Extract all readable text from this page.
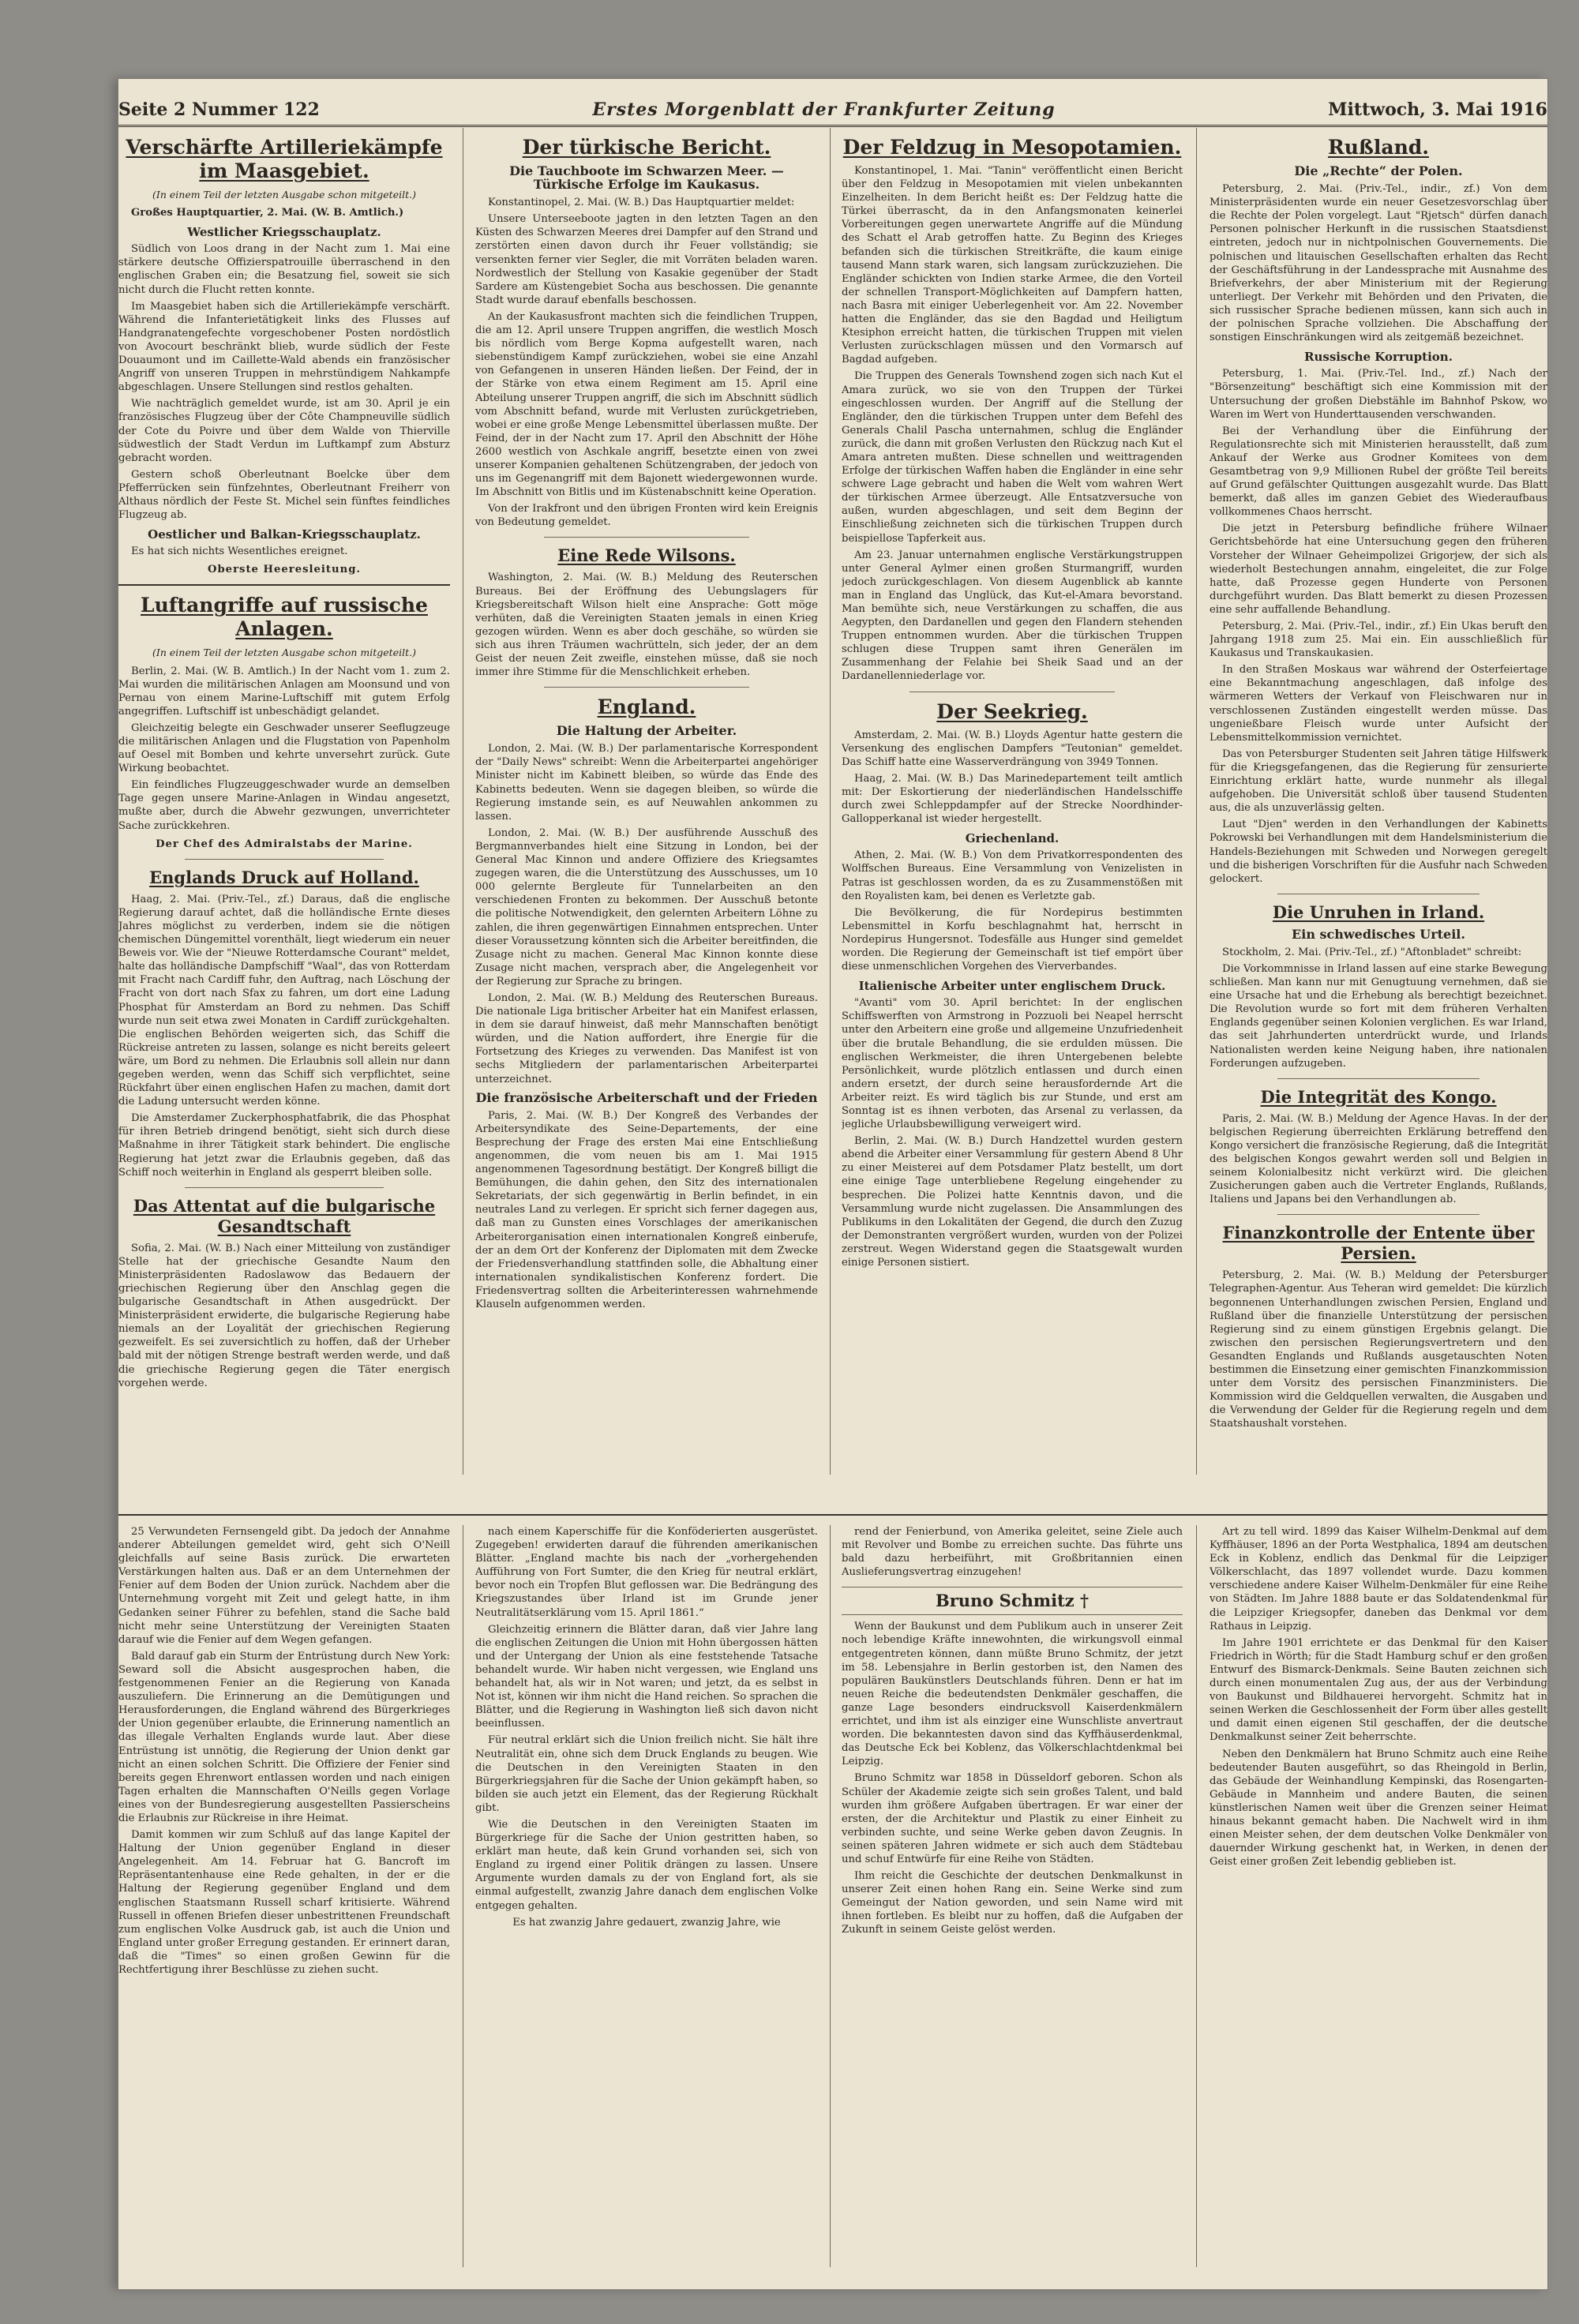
Seite 2 Nummer 122	Erstes Morgenblatt der Frankfurter Zeitung	Mittwoch, 3. Mai 1916
Verschärfte Artilleriekämpfe im Maasgebiet.
(In einem Teil der letzten Ausgabe schon mitgeteilt.)

Großes Hauptquartier, 2. Mai. (W. B. Amtlich.)

Westlicher Kriegsschauplatz.

Südlich von Loos drang in der Nacht zum 1. Mai eine stärkere deutsche Offizierspatrouille überraschend in den englischen Graben ein; die Besatzung fiel, soweit sie sich nicht durch die Flucht retten konnte.

Im Maasgebiet haben sich die Artilleriekämpfe verschärft. Während die Infanterietätigkeit links des Flusses auf Handgranatengefechte vorgeschobener Posten nordöstlich von Avocourt beschränkt blieb, wurde südlich der Feste Douaumont und im Caillette-Wald abends ein französischer Angriff von unseren Truppen in mehrstündigem Nahkampfe abgeschlagen. Unsere Stellungen sind restlos gehalten.

Wie nachträglich gemeldet wurde, ist am 30. April je ein französisches Flugzeug über der Côte Champneuville südlich der Cote du Poivre und über dem Walde von Thierville südwestlich der Stadt Verdun im Luftkampf zum Absturz gebracht worden.

Gestern schoß Oberleutnant Boelcke über dem Pfefferrücken sein fünfzehntes, Oberleutnant Freiherr von Althaus nördlich der Feste St. Michel sein fünftes feindliches Flugzeug ab.

Oestlicher und Balkan-Kriegsschauplatz.

Es hat sich nichts Wesentliches ereignet.

Oberste Heeresleitung.
Luftangriffe auf russische Anlagen.
(In einem Teil der letzten Ausgabe schon mitgeteilt.)

Berlin, 2. Mai. (W. B. Amtlich.) In der Nacht vom 1. zum 2. Mai wurden die militärischen Anlagen am Moonsund und von Pernau von einem Marine-Luftschiff mit gutem Erfolg angegriffen. Luftschiff ist unbeschädigt gelandet.

Gleichzeitig belegte ein Geschwader unserer Seeflugzeuge die militärischen Anlagen und die Flugstation von Papenholm auf Oesel mit Bomben und kehrte unversehrt zurück. Gute Wirkung beobachtet.

Ein feindliches Flugzeuggeschwader wurde an demselben Tage gegen unsere Marine-Anlagen in Windau angesetzt, mußte aber, durch die Abwehr gezwungen, unverrichteter Sache zurückkehren.

Der Chef des Admiralstabs der Marine.
Englands Druck auf Holland.

Haag, 2. Mai. (Priv.-Tel., zf.) Daraus, daß die englische Regierung darauf achtet, daß die holländische Ernte dieses Jahres möglichst zu verderben, indem sie die nötigen chemischen Düngemittel vorenthält, liegt wiederum ein neuer Beweis vor. Wie der "Nieuwe Rotterdamsche Courant" meldet, halte das holländische Dampfschiff "Waal", das von Rotterdam mit Fracht nach Cardiff fuhr, den Auftrag, nach Löschung der Fracht von dort nach Sfax zu fahren, um dort eine Ladung Phosphat für Amsterdam an Bord zu nehmen. Das Schiff wurde nun seit etwa zwei Monaten in Cardiff zurückgehalten. Die englischen Behörden weigerten sich, das Schiff die Rückreise antreten zu lassen, solange es nicht bereits geleert wäre, um Bord zu nehmen. Die Erlaubnis soll allein nur dann gegeben werden, wenn das Schiff sich verpflichtet, seine Rückfahrt über einen englischen Hafen zu machen, damit dort die Ladung untersucht werden könne.

Die Amsterdamer Zuckerphosphatfabrik, die das Phosphat für ihren Betrieb dringend benötigt, sieht sich durch diese Maßnahme in ihrer Tätigkeit stark behindert. Die englische Regierung hat jetzt zwar die Erlaubnis gegeben, daß das Schiff noch weiterhin in England als gesperrt bleiben solle.

Das Attentat auf die bulgarische Gesandtschaft

Sofia, 2. Mai. (W. B.) Nach einer Mitteilung von zuständiger Stelle hat der griechische Gesandte Naum den Ministerpräsidenten Radoslawow das Bedauern der griechischen Regierung über den Anschlag gegen die bulgarische Gesandtschaft in Athen ausgedrückt. Der Ministerpräsident erwiderte, die bulgarische Regierung habe niemals an der Loyalität der griechischen Regierung gezweifelt. Es sei zuversichtlich zu hoffen, daß der Urheber bald mit der nötigen Strenge bestraft werden werde, und daß die griechische Regierung gegen die Täter energisch vorgehen werde.

Der türkische Bericht.
Die Tauchboote im Schwarzen Meer. — Türkische Erfolge im Kaukasus.

Konstantinopel, 2. Mai. (W. B.) Das Hauptquartier meldet:

Unsere Unterseeboote jagten in den letzten Tagen an den Küsten des Schwarzen Meeres drei Dampfer auf den Strand und zerstörten einen davon durch ihr Feuer vollständig; sie versenkten ferner vier Segler, die mit Vorräten beladen waren. Nordwestlich der Stellung von Kasakie gegenüber der Stadt Sardere am Küstengebiet Socha aus beschossen. Die genannte Stadt wurde darauf ebenfalls beschossen.

An der Kaukasusfront machten sich die feindlichen Truppen, die am 12. April unsere Truppen angriffen, die westlich Mosch bis nördlich vom Berge Kopma aufgestellt waren, nach siebenstündigem Kampf zurückziehen, wobei sie eine Anzahl von Gefangenen in unseren Händen ließen. Der Feind, der in der Stärke von etwa einem Regiment am 15. April eine Abteilung unserer Truppen angriff, die sich im Abschnitt südlich vom Abschnitt befand, wurde mit Verlusten zurückgetrieben, wobei er eine große Menge Lebensmittel überlassen mußte. Der Feind, der in der Nacht zum 17. April den Abschnitt der Höhe 2600 westlich von Aschkale angriff, besetzte einen von zwei unserer Kompanien gehaltenen Schützengraben, der jedoch von uns im Gegenangriff mit dem Bajonett wiedergewonnen wurde. Im Abschnitt von Bitlis und im Küstenabschnitt keine Operation.

Von der Irakfront und den übrigen Fronten wird kein Ereignis von Bedeutung gemeldet.

Eine Rede Wilsons.

Washington, 2. Mai. (W. B.) Meldung des Reuterschen Bureaus. Bei der Eröffnung des Uebungslagers für Kriegsbereitschaft Wilson hielt eine Ansprache: Gott möge verhüten, daß die Vereinigten Staaten jemals in einen Krieg gezogen würden. Wenn es aber doch geschähe, so würden sie sich aus ihren Träumen wachrütteln, sich jeder, der an dem Geist der neuen Zeit zweifle, einstehen müsse, daß sie noch immer ihre Stimme für die Menschlichkeit erheben.

England.
Die Haltung der Arbeiter.

London, 2. Mai. (W. B.) Der parlamentarische Korrespondent der "Daily News" schreibt: Wenn die Arbeiterpartei angehöriger Minister nicht im Kabinett bleiben, so würde das Ende des Kabinetts bedeuten. Wenn sie dagegen bleiben, so würde die Regierung imstande sein, es auf Neuwahlen ankommen zu lassen.

London, 2. Mai. (W. B.) Der ausführende Ausschuß des Bergmannverbandes hielt eine Sitzung in London, bei der General Mac Kinnon und andere Offiziere des Kriegsamtes zugegen waren, die die Unterstützung des Ausschusses, um 10 000 gelernte Bergleute für Tunnelarbeiten an den verschiedenen Fronten zu bekommen. Der Ausschuß betonte die politische Notwendigkeit, den gelernten Arbeitern Löhne zu zahlen, die ihren gegenwärtigen Einnahmen entsprechen. Unter dieser Voraussetzung könnten sich die Arbeiter bereitfinden, die Zusage nicht zu machen. General Mac Kinnon konnte diese Zusage nicht machen, versprach aber, die Angelegenheit vor der Regierung zur Sprache zu bringen.

London, 2. Mai. (W. B.) Meldung des Reuterschen Bureaus. Die nationale Liga britischer Arbeiter hat ein Manifest erlassen, in dem sie darauf hinweist, daß mehr Mannschaften benötigt würden, und die Nation auffordert, ihre Energie für die Fortsetzung des Krieges zu verwenden. Das Manifest ist von sechs Mitgliedern der parlamentarischen Arbeiterpartei unterzeichnet.

Die französische Arbeiterschaft und der Frieden

Paris, 2. Mai. (W. B.) Der Kongreß des Verbandes der Arbeitersyndikate des Seine-Departements, der eine Besprechung der Frage des ersten Mai eine Entschließung angenommen, die vom neuen bis am 1. Mai 1915 angenommenen Tagesordnung bestätigt. Der Kongreß billigt die Bemühungen, die dahin gehen, den Sitz des internationalen Sekretariats, der sich gegenwärtig in Berlin befindet, in ein neutrales Land zu verlegen. Er spricht sich ferner dagegen aus, daß man zu Gunsten eines Vorschlages der amerikanischen Arbeiterorganisation einen internationalen Kongreß einberufe, der an dem Ort der Konferenz der Diplomaten mit dem Zwecke der Friedensverhandlung stattfinden solle, die Abhaltung einer internationalen syndikalistischen Konferenz fordert. Die Friedensvertrag sollten die Arbeiterinteressen wahrnehmende Klauseln aufgenommen werden.

Der Feldzug in Mesopotamien.

Konstantinopel, 1. Mai. "Tanin" veröffentlicht einen Bericht über den Feldzug in Mesopotamien mit vielen unbekannten Einzelheiten. In dem Bericht heißt es: Der Feldzug hatte die Türkei überrascht, da in den Anfangsmonaten keinerlei Vorbereitungen gegen unerwartete Angriffe auf die Mündung des Schatt el Arab getroffen hatte. Zu Beginn des Krieges befanden sich die türkischen Streitkräfte, die kaum einige tausend Mann stark waren, sich langsam zurückzuziehen. Die Engländer schickten von Indien starke Armee, die den Vorteil der schnellen Transport-Möglichkeiten auf Dampfern hatten, nach Basra mit einiger Ueberlegenheit vor. Am 22. November hatten die Engländer, das sie den Bagdad und Heiligtum Ktesiphon erreicht hatten, die türkischen Truppen mit vielen Verlusten zurückschlagen müssen und den Vormarsch auf Bagdad aufgeben.

Die Truppen des Generals Townshend zogen sich nach Kut el Amara zurück, wo sie von den Truppen der Türkei eingeschlossen wurden. Der Angriff auf die Stellung der Engländer, den die türkischen Truppen unter dem Befehl des Generals Chalil Pascha unternahmen, schlug die Engländer zurück, die dann mit großen Verlusten den Rückzug nach Kut el Amara antreten mußten. Diese schnellen und weittragenden Erfolge der türkischen Waffen haben die Engländer in eine sehr schwere Lage gebracht und haben die Welt vom wahren Wert der türkischen Armee überzeugt. Alle Entsatzversuche von außen, wurden abgeschlagen, und seit dem Beginn der Einschließung zeichneten sich die türkischen Truppen durch beispiellose Tapferkeit aus.

Am 23. Januar unternahmen englische Verstärkungstruppen unter General Aylmer einen großen Sturmangriff, wurden jedoch zurückgeschlagen. Von diesem Augenblick ab kannte man in England das Unglück, das Kut-el-Amara bevorstand. Man bemühte sich, neue Verstärkungen zu schaffen, die aus Aegypten, den Dardanellen und gegen den Flandern stehenden Truppen entnommen wurden. Aber die türkischen Truppen schlugen diese Truppen samt ihren Generälen im Zusammenhang der Felahie bei Sheik Saad und an der Dardanellenniederlage vor.

Der Seekrieg.

Amsterdam, 2. Mai. (W. B.) Lloyds Agentur hatte gestern die Versenkung des englischen Dampfers "Teutonian" gemeldet. Das Schiff hatte eine Wasserverdrängung von 3949 Tonnen.

Haag, 2. Mai. (W. B.) Das Marinedepartement teilt amtlich mit: Der Eskortierung der niederländischen Handelsschiffe durch zwei Schleppdampfer auf der Strecke Noordhinder-Gallopperkanal ist wieder hergestellt.

Griechenland.

Athen, 2. Mai. (W. B.) Von dem Privatkorrespondenten des Wolffschen Bureaus. Eine Versammlung von Venizelisten in Patras ist geschlossen worden, da es zu Zusammenstößen mit den Royalisten kam, bei denen es Verletzte gab.

Die Bevölkerung, die für Nordepirus bestimmten Lebensmittel in Korfu beschlagnahmt hat, herrscht in Nordepirus Hungersnot. Todesfälle aus Hunger sind gemeldet worden. Die Regierung der Gemeinschaft ist tief empört über diese unmenschlichen Vorgehen des Vierverbandes.

Italienische Arbeiter unter englischem Druck.

"Avanti" vom 30. April berichtet: In der englischen Schiffswerften von Armstrong in Pozzuoli bei Neapel herrscht unter den Arbeitern eine große und allgemeine Unzufriedenheit über die brutale Behandlung, die sie erdulden müssen. Die englischen Werkmeister, die ihren Untergebenen belebte Persönlichkeit, wurde plötzlich entlassen und durch einen andern ersetzt, der durch seine herausfordernde Art die Arbeiter reizt. Es wird täglich bis zur Stunde, und erst am Sonntag ist es ihnen verboten, das Arsenal zu verlassen, da jegliche Urlaubsbewilligung verweigert wird.

Berlin, 2. Mai. (W. B.) Durch Handzettel wurden gestern abend die Arbeiter einer Versammlung für gestern Abend 8 Uhr zu einer Meisterei auf dem Potsdamer Platz bestellt, um dort eine einige Tage unterbliebene Regelung eingehender zu besprechen. Die Polizei hatte Kenntnis davon, und die Versammlung wurde nicht zugelassen. Die Ansammlungen des Publikums in den Lokalitäten der Gegend, die durch den Zuzug der Demonstranten vergrößert wurden, wurden von der Polizei zerstreut. Wegen Widerstand gegen die Staatsgewalt wurden einige Personen sistiert.

Rußland.
Die „Rechte“ der Polen.

Petersburg, 2. Mai. (Priv.-Tel., indir., zf.) Von dem Ministerpräsidenten wurde ein neuer Gesetzesvorschlag über die Rechte der Polen vorgelegt. Laut "Rjetsch" dürfen danach Personen polnischer Herkunft in die russischen Staatsdienst eintreten, jedoch nur in nichtpolnischen Gouvernements. Die polnischen und litauischen Gesellschaften erhalten das Recht der Geschäftsführung in der Landessprache mit Ausnahme des Briefverkehrs, der aber Ministerium mit der Regierung unterliegt. Der Verkehr mit Behörden und den Privaten, die sich russischer Sprache bedienen müssen, kann sich auch in der polnischen Sprache vollziehen. Die Abschaffung der sonstigen Einschränkungen wird als zeitgemäß bezeichnet.

Russische Korruption.

Petersburg, 1. Mai. (Priv.-Tel. Ind., zf.) Nach der "Börsenzeitung" beschäftigt sich eine Kommission mit der Untersuchung der großen Diebstähle im Bahnhof Pskow, wo Waren im Wert von Hunderttausenden verschwanden.

Bei der Verhandlung über die Einführung der Regulationsrechte sich mit Ministerien herausstellt, daß zum Ankauf der Werke aus Grodner Komitees von dem Gesamtbetrag von 9,9 Millionen Rubel der größte Teil bereits auf Grund gefälschter Quittungen ausgezahlt wurde. Das Blatt bemerkt, daß alles im ganzen Gebiet des Wiederaufbaus vollkommenes Chaos herrscht.

Die jetzt in Petersburg befindliche frühere Wilnaer Gerichtsbehörde hat eine Untersuchung gegen den früheren Vorsteher der Wilnaer Geheimpolizei Grigorjew, der sich als wiederholt Bestechungen annahm, eingeleitet, die zur Folge hatte, daß Prozesse gegen Hunderte von Personen durchgeführt wurden. Das Blatt bemerkt zu diesen Prozessen eine sehr auffallende Behandlung.

Petersburg, 2. Mai. (Priv.-Tel., indir., zf.) Ein Ukas beruft den Jahrgang 1918 zum 25. Mai ein. Ein ausschließlich für Kaukasus und Transkaukasien.

In den Straßen Moskaus war während der Osterfeiertage eine Bekanntmachung angeschlagen, daß infolge des wärmeren Wetters der Verkauf von Fleischwaren nur in verschlossenen Zuständen eingestellt werden müsse. Das ungenießbare Fleisch wurde unter Aufsicht der Lebensmittelkommission vernichtet.

Das von Petersburger Studenten seit Jahren tätige Hilfswerk für die Kriegsgefangenen, das die Regierung für zensurierte Einrichtung erklärt hatte, wurde nunmehr als illegal aufgehoben. Die Universität schloß über tausend Studenten aus, die als unzuverlässig gelten.

Laut "Djen" werden in den Verhandlungen der Kabinetts Pokrowski bei Verhandlungen mit dem Handelsministerium die Handels-Beziehungen mit Schweden und Norwegen geregelt und die bisherigen Vorschriften für die Ausfuhr nach Schweden gelockert.

Die Unruhen in Irland.
Ein schwedisches Urteil.

Stockholm, 2. Mai. (Priv.-Tel., zf.) "Aftonbladet" schreibt:

Die Vorkommnisse in Irland lassen auf eine starke Bewegung schließen. Man kann nur mit Genugtuung vernehmen, daß sie eine Ursache hat und die Erhebung als berechtigt bezeichnet. Die Revolution wurde so fort mit dem früheren Verhalten Englands gegenüber seinen Kolonien verglichen. Es war Irland, das seit Jahrhunderten unterdrückt wurde, und Irlands Nationalisten werden keine Neigung haben, ihre nationalen Forderungen aufzugeben.

Die Integrität des Kongo.

Paris, 2. Mai. (W. B.) Meldung der Agence Havas. In der der belgischen Regierung überreichten Erklärung betreffend den Kongo versichert die französische Regierung, daß die Integrität des belgischen Kongos gewahrt werden soll und Belgien in seinem Kolonialbesitz nicht verkürzt wird. Die gleichen Zusicherungen gaben auch die Vertreter Englands, Rußlands, Italiens und Japans bei den Verhandlungen ab.

Finanzkontrolle der Entente über Persien.

Petersburg, 2. Mai. (W. B.) Meldung der Petersburger Telegraphen-Agentur. Aus Teheran wird gemeldet: Die kürzlich begonnenen Unterhandlungen zwischen Persien, England und Rußland über die finanzielle Unterstützung der persischen Regierung sind zu einem günstigen Ergebnis gelangt. Die zwischen den persischen Regierungsvertretern und den Gesandten Englands und Rußlands ausgetauschten Noten bestimmen die Einsetzung einer gemischten Finanzkommission unter dem Vorsitz des persischen Finanzministers. Die Kommission wird die Geldquellen verwalten, die Ausgaben und die Verwendung der Gelder für die Regierung regeln und dem Staatshaushalt vorstehen.

25 Verwundeten Fernsengeld gibt. Da jedoch der Annahme anderer Abteilungen gemeldet wird, geht sich O'Neill gleichfalls auf seine Basis zurück. Die erwarteten Verstärkungen halten aus. Daß er an dem Unternehmen der Fenier auf dem Boden der Union zurück. Nachdem aber die Unternehmung vorgeht mit Zeit und gelegt hatte, in ihm Gedanken seiner Führer zu befehlen, stand die Sache bald nicht mehr seine Unterstützung der Vereinigten Staaten darauf wie die Fenier auf dem Wegen gefangen.

Bald darauf gab ein Sturm der Entrüstung durch New York: Seward soll die Absicht ausgesprochen haben, die festgenommenen Fenier an die Regierung von Kanada auszuliefern. Die Erinnerung an die Demütigungen und Herausforderungen, die England während des Bürgerkrieges der Union gegenüber erlaubte, die Erinnerung namentlich an das illegale Verhalten Englands wurde laut. Aber diese Entrüstung ist unnötig, die Regierung der Union denkt gar nicht an einen solchen Schritt. Die Offiziere der Fenier sind bereits gegen Ehrenwort entlassen worden und nach einigen Tagen erhalten die Mannschaften O'Neills gegen Vorlage eines von der Bundesregierung ausgestellten Passierscheins die Erlaubnis zur Rückreise in ihre Heimat.

Damit kommen wir zum Schluß auf das lange Kapitel der Haltung der Union gegenüber England in dieser Angelegenheit. Am 14. Februar hat G. Bancroft im Repräsentantenhause eine Rede gehalten, in der er die Haltung der Regierung gegenüber England und dem englischen Staatsmann Russell scharf kritisierte. Während Russell in offenen Briefen dieser unbestrittenen Freundschaft zum englischen Volke Ausdruck gab, ist auch die Union und England unter großer Erregung gestanden. Er erinnert daran, daß die "Times" so einen großen Gewinn für die Rechtfertigung ihrer Beschlüsse zu ziehen sucht.

nach einem Kaperschiffe für die Konföderierten ausgerüstet. Zugegeben! erwiderten darauf die führenden amerikanischen Blätter. „England machte bis nach der „vorhergehenden Aufführung von Fort Sumter, die den Krieg für neutral erklärt, bevor noch ein Tropfen Blut geflossen war. Die Bedrängung des Kriegszustandes über Irland ist im Grunde jener Neutralitätserklärung vom 15. April 1861.“

Gleichzeitig erinnern die Blätter daran, daß vier Jahre lang die englischen Zeitungen die Union mit Hohn übergossen hätten und der Untergang der Union als eine feststehende Tatsache behandelt wurde. Wir haben nicht vergessen, wie England uns behandelt hat, als wir in Not waren; und jetzt, da es selbst in Not ist, können wir ihm nicht die Hand reichen. So sprachen die Blätter, und die Regierung in Washington ließ sich davon nicht beeinflussen.

Für neutral erklärt sich die Union freilich nicht. Sie hält ihre Neutralität ein, ohne sich dem Druck Englands zu beugen. Wie die Deutschen in den Vereinigten Staaten in den Bürgerkriegsjahren für die Sache der Union gekämpft haben, so bilden sie auch jetzt ein Element, das der Regierung Rückhalt gibt.

Wie die Deutschen in den Vereinigten Staaten im Bürgerkriege für die Sache der Union gestritten haben, so erklärt man heute, daß kein Grund vorhanden sei, sich von England zu irgend einer Politik drängen zu lassen. Unsere Argumente wurden damals zu der von England fort, als sie einmal aufgestellt, zwanzig Jahre danach dem englischen Volke entgegen gehalten.

Es hat zwanzig Jahre gedauert, zwanzig Jahre, wie

rend der Fenierbund, von Amerika geleitet, seine Ziele auch mit Revolver und Bombe zu erreichen suchte. Das führte uns bald dazu herbeiführt, mit Großbritannien einen Auslieferungsvertrag einzugehen!

Bruno Schmitz †

Wenn der Baukunst und dem Publikum auch in unserer Zeit noch lebendige Kräfte innewohnten, die wirkungsvoll einmal entgegentreten können, dann müßte Bruno Schmitz, der jetzt im 58. Lebensjahre in Berlin gestorben ist, den Namen des populären Baukünstlers Deutschlands führen. Denn er hat im neuen Reiche die bedeutendsten Denkmäler geschaffen, die ganze Lage besonders eindrucksvoll Kaiserdenkmälern errichtet, und ihm ist als einziger eine Wunschliste anvertraut worden. Die bekanntesten davon sind das Kyffhäuserdenkmal, das Deutsche Eck bei Koblenz, das Völkerschlachtdenkmal bei Leipzig.

Bruno Schmitz war 1858 in Düsseldorf geboren. Schon als Schüler der Akademie zeigte sich sein großes Talent, und bald wurden ihm größere Aufgaben übertragen. Er war einer der ersten, der die Architektur und Plastik zu einer Einheit zu verbinden suchte, und seine Werke geben davon Zeugnis. In seinen späteren Jahren widmete er sich auch dem Städtebau und schuf Entwürfe für eine Reihe von Städten.

Ihm reicht die Geschichte der deutschen Denkmalkunst in unserer Zeit einen hohen Rang ein. Seine Werke sind zum Gemeingut der Nation geworden, und sein Name wird mit ihnen fortleben. Es bleibt nur zu hoffen, daß die Aufgaben der Zukunft in seinem Geiste gelöst werden.

Art zu tell wird. 1899 das Kaiser Wilhelm-Denkmal auf dem Kyffhäuser, 1896 an der Porta Westphalica, 1894 am deutschen Eck in Koblenz, endlich das Denkmal für die Leipziger Völkerschlacht, das 1897 vollendet wurde. Dazu kommen verschiedene andere Kaiser Wilhelm-Denkmäler für eine Reihe von Städten. Im Jahre 1888 baute er das Soldatendenkmal für die Leipziger Kriegsopfer, daneben das Denkmal vor dem Rathaus in Leipzig.

Im Jahre 1901 errichtete er das Denkmal für den Kaiser Friedrich in Wörth; für die Stadt Hamburg schuf er den großen Entwurf des Bismarck-Denkmals. Seine Bauten zeichnen sich durch einen monumentalen Zug aus, der aus der Verbindung von Baukunst und Bildhauerei hervorgeht. Schmitz hat in seinen Werken die Geschlossenheit der Form über alles gestellt und damit einen eigenen Stil geschaffen, der die deutsche Denkmalkunst seiner Zeit beherrschte.

Neben den Denkmälern hat Bruno Schmitz auch eine Reihe bedeutender Bauten ausgeführt, so das Rheingold in Berlin, das Gebäude der Weinhandlung Kempinski, das Rosengarten-Gebäude in Mannheim und andere Bauten, die seinen künstlerischen Namen weit über die Grenzen seiner Heimat hinaus bekannt gemacht haben. Die Nachwelt wird in ihm einen Meister sehen, der dem deutschen Volke Denkmäler von dauernder Wirkung geschenkt hat, in Werken, in denen der Geist einer großen Zeit lebendig geblieben ist.
